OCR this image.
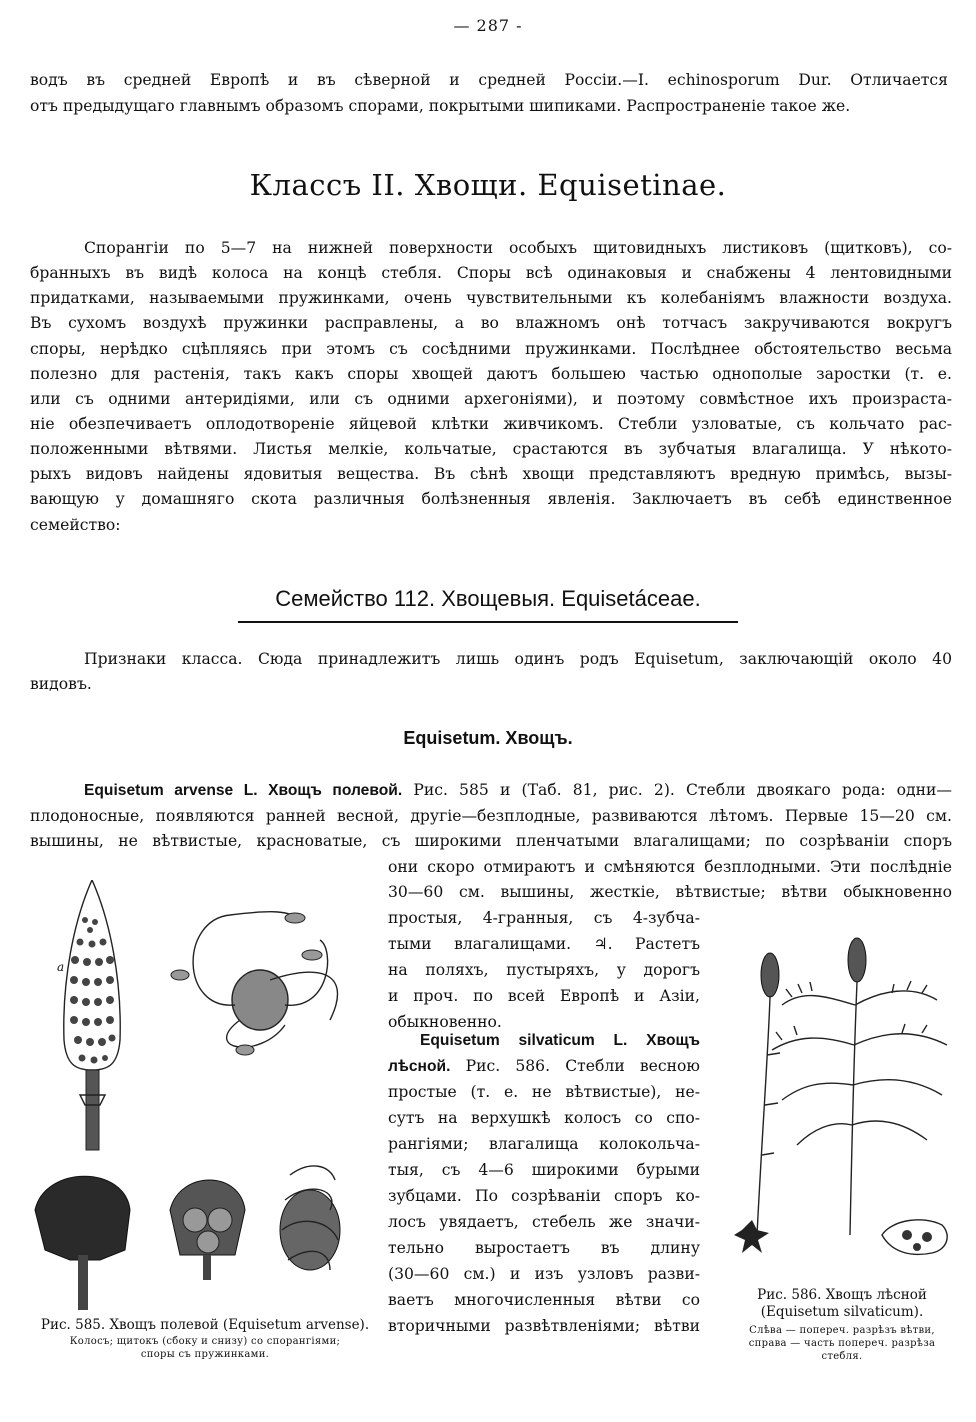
— 287 -
водъ въ средней Европѣ и въ сѣверной и средней Россіи.—I. echinosporum Dur. Отличается
отъ предыдущаго главнымъ образомъ спорами, покрытыми шипиками. Распространеніе такое же.
Классъ II. Хвощи. Equisetinae.
Спорангіи по 5—7 на нижней поверхности особыхъ щитовидныхъ листиковъ (щитковъ), со-
бранныхъ въ видѣ колоса на концѣ стебля. Споры всѣ одинаковыя и снабжены 4 лентовидными
придатками, называемыми пружинками, очень чувствительными къ колебаніямъ влажности воздуха.
Въ сухомъ воздухѣ пружинки расправлены, а во влажномъ онѣ тотчасъ закручиваются вокругъ
споры, нерѣдко сцѣпляясь при этомъ съ сосѣдними пружинками. Послѣднее обстоятельство весьма
полезно для растенія, такъ какъ споры хвощей даютъ большею частью однополые заростки (т. е.
или съ одними антеридіями, или съ одними архегоніями), и поэтому совмѣстное ихъ произраста-
ніе обезпечиваетъ оплодотвореніе яйцевой клѣтки живчикомъ. Стебли узловатые, съ кольчато рас-
положенными вѣтвями. Листья мелкіе, кольчатые, срастаются въ зубчатыя влагалища. У нѣкото-
рыхъ видовъ найдены ядовитыя вещества. Въ сѣнѣ хвощи представляютъ вредную примѣсь, вызы-
вающую у домашняго скота различныя болѣзненныя явленія. Заключаетъ въ себѣ единственное
семейство:
Семейство 112. Хвощевыя. Equisetáceae.
Признаки класса. Сюда принадлежитъ лишь одинъ родъ Equisetum, заключающій около 40
видовъ.
Equisetum. Хвощъ.
Equisetum arvense L. Хвощъ полевой. Рис. 585 и (Таб. 81, рис. 2). Стебли двоякаго рода: одни—
плодоносные, появляются ранней весной, другіе—безплодные, развиваются лѣтомъ. Первые 15—20 см.
вышины, не вѣтвистые, красноватые, съ широкими пленчатыми влагалищами; по созрѣваніи споръ
они скоро отмираютъ и смѣняются безплодными. Эти послѣдніе
30—60 см. вышины, жесткіе, вѣтвистые; вѣтви обыкновенно
простыя, 4-гранныя, съ 4-зубча-
тыми влагалищами. ♃. Растетъ
на поляхъ, пустыряхъ, у дорогъ
и проч. по всей Европѣ и Азіи,
обыкновенно.
Equisetum silvaticum L. Хвощъ
лѣсной. Рис. 586. Стебли весною
простые (т. е. не вѣтвистые), не-
сутъ на верхушкѣ колосъ со спо-
рангіями; влагалища колокольча-
тыя, съ 4—6 широкими бурыми
зубцами. По созрѣваніи споръ ко-
лосъ увядаетъ, стебель же значи-
тельно выростаетъ въ длину
(30—60 см.) и изъ узловъ разви-
ваетъ многочисленныя вѣтви со
вторичными развѣтвленіями; вѣтви
a
Рис. 585. Хвощъ полевой (Equisetum arvense).
Колосъ; щитокъ (сбоку и снизу) со спорангіями;
споры съ пружинками.
Рис. 586. Хвощъ лѣсной
(Equisetum silvaticum).
Слѣва — попереч. разрѣзъ вѣтви,
справа — часть попереч. разрѣза
стебля.
